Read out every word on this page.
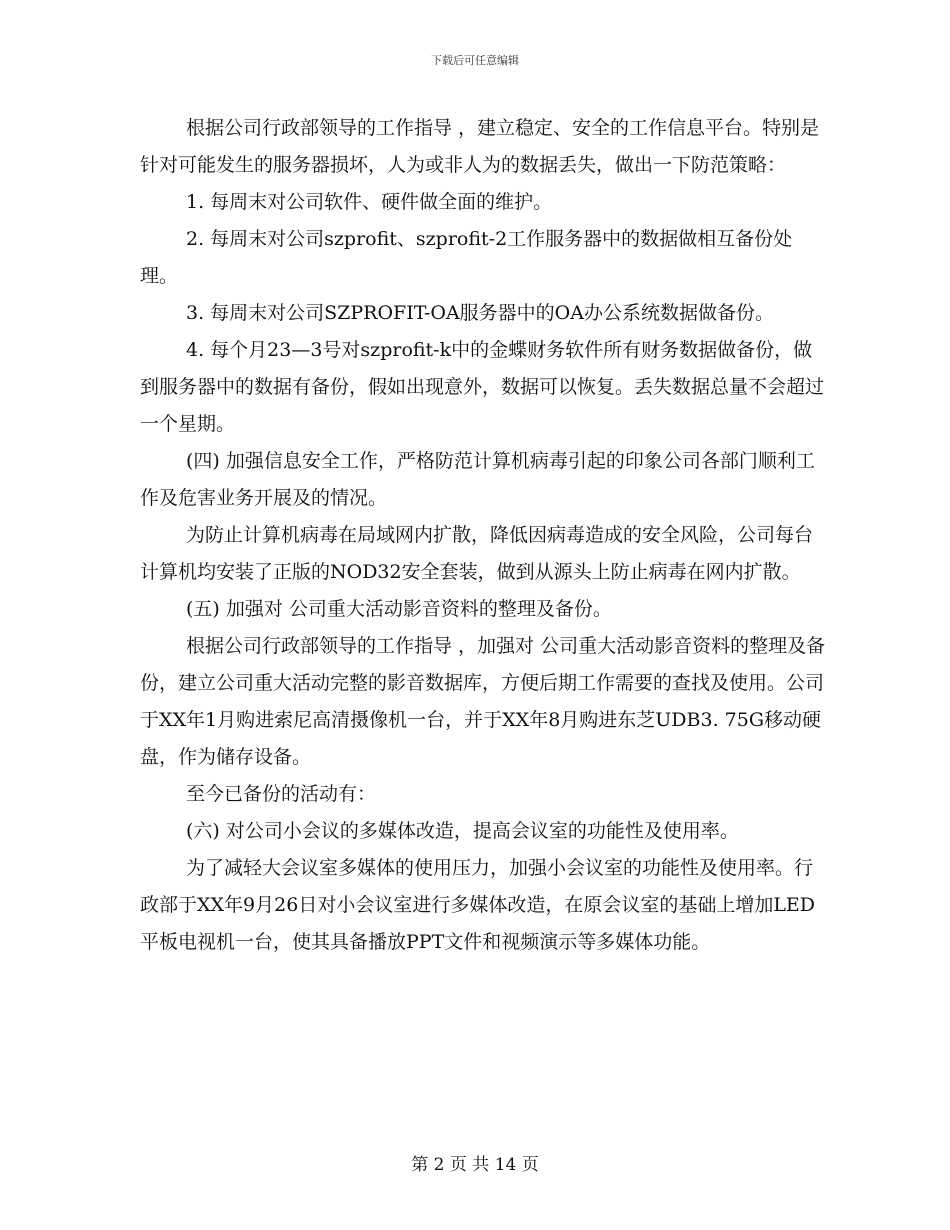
下载后可任意编辑

根据公司行政部领导的工作指导 ，建立稳定、安全的工作信息平台。特别是针对可能发生的服务器损坏，人为或非人为的数据丢失，做出一下防范策略：

1. 每周末对公司软件、硬件做全面的维护。

2. 每周末对公司szprofit、szprofit-2工作服务器中的数据做相互备份处理。

3. 每周末对公司SZPROFIT-OA服务器中的OA办公系统数据做备份。

4. 每个月23—3号对szprofit-k中的金蝶财务软件所有财务数据做备份，做到服务器中的数据有备份，假如出现意外，数据可以恢复。丢失数据总量不会超过一个星期。

(四) 加强信息安全工作，严格防范计算机病毒引起的印象公司各部门顺利工作及危害业务开展及的情况。

为防止计算机病毒在局域网内扩散，降低因病毒造成的安全风险，公司每台计算机均安装了正版的NOD32安全套装，做到从源头上防止病毒在网内扩散。

(五) 加强对 公司重大活动影音资料的整理及备份。

根据公司行政部领导的工作指导 ，加强对 公司重大活动影音资料的整理及备份，建立公司重大活动完整的影音数据库，方便后期工作需要的查找及使用。公司于XX年1月购进索尼高清摄像机一台，并于XX年8月购进东芝UDB3. 75G移动硬盘，作为储存设备。

至今已备份的活动有：

(六) 对公司小会议的多媒体改造，提高会议室的功能性及使用率。

为了减轻大会议室多媒体的使用压力，加强小会议室的功能性及使用率。行政部于XX年9月26日对小会议室进行多媒体改造，在原会议室的基础上增加LED平板电视机一台，使其具备播放PPT文件和视频演示等多媒体功能。

第 2 页 共 14 页
